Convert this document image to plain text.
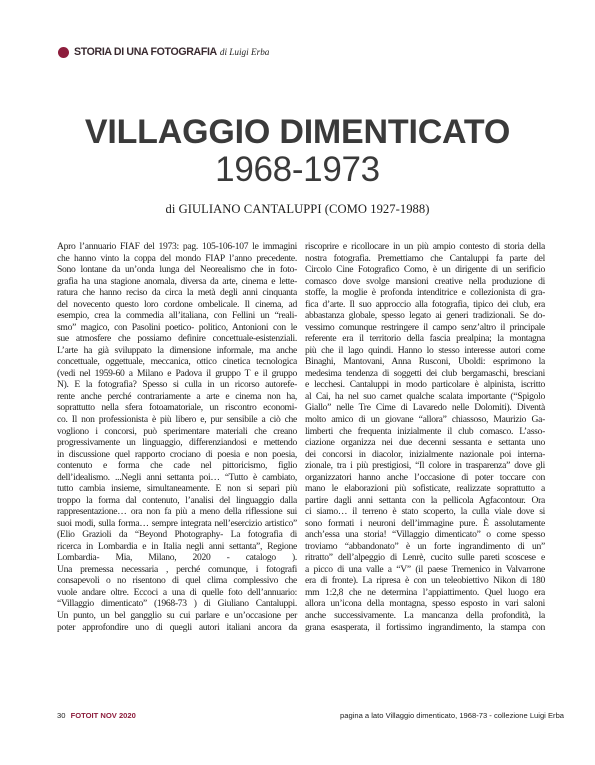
STORIA DI UNA FOTOGRAFIA di Luigi Erba
VILLAGGIO DIMENTICATO
1968-1973
di GIULIANO CANTALUPPI (COMO 1927-1988)
Apro l’annuario FIAF del 1973: pag. 105-106-107 le immagini
che hanno vinto la coppa del mondo FIAP l’anno precedente.
Sono lontane da un’onda lunga del Neorealismo che in foto-
grafia ha una stagione anomala, diversa da arte, cinema e lette-
ratura che hanno reciso da circa la metà degli anni cinquanta
del novecento questo loro cordone ombelicale. Il cinema, ad
esempio, crea la commedia all’italiana, con Fellini un “reali-
smo” magico, con Pasolini poetico- politico, Antonioni con le
sue atmosfere che possiamo definire concettuale-esistenziali.
L’arte ha già sviluppato la dimensione informale, ma anche
concettuale, oggettuale, meccanica, ottico cinetica tecnologica
(vedi nel 1959-60 a Milano e Padova il gruppo T e il gruppo
N). E la fotografia? Spesso si culla in un ricorso autorefe-
rente anche perché contrariamente a arte e cinema non ha,
soprattutto nella sfera fotoamatoriale, un riscontro economi-
co. Il non professionista è più libero e, pur sensibile a ciò che
vogliono i concorsi, può sperimentare materiali che creano
progressivamente un linguaggio, differenziandosi e mettendo
in discussione quel rapporto crociano di poesia e non poesia,
contenuto e forma che cade nel pittoricismo, figlio
dell’idealismo. ...Negli anni settanta poi… “Tutto è cambiato,
tutto cambia insieme, simultaneamente. E non si separì più
troppo la forma dal contenuto, l’analisi del linguaggio dalla
rappresentazione… ora non fa più a meno della riflessione sui
suoi modi, sulla forma… sempre integrata nell’esercizio artistico”
(Elio Grazioli da “Beyond Photography- La fotografia di
ricerca in Lombardia e in Italia negli anni settanta”, Regione
Lombardia- Mia, Milano, 2020 - catalogo ).
Una premessa necessaria , perché comunque, i fotografi
consapevoli o no risentono di quel clima complessivo che
vuole andare oltre. Eccoci a una di quelle foto dell’annuario:
“Villaggio dimenticato” (1968-73 ) di Giuliano Cantaluppi.
Un punto, un bel gangglio su cui parlare e un’occasione per
poter approfondire uno di quegli autori italiani ancora da
riscoprire e ricollocare in un più ampio contesto di storia della
nostra fotografia. Premettiamo che Cantaluppi fa parte del
Circolo Cine Fotografico Como, è un dirigente di un serificio
comasco dove svolge mansioni creative nella produzione di
stoffe, la moglie è profonda intenditrice e collezionista di gra-
fica d’arte. Il suo approccio alla fotografia, tipico dei club, era
abbastanza globale, spesso legato ai generi tradizionali. Se do-
vessimo comunque restringere il campo senz’altro il principale
referente era il territorio della fascia prealpina; la montagna
più che il lago quindi. Hanno lo stesso interesse autori come
Binaghi, Mantovani, Anna Rusconi, Uboldi: esprimono la
medesima tendenza di soggetti dei club bergamaschi, bresciani
e lecchesi. Cantaluppi in modo particolare è alpinista, iscritto
al Cai, ha nel suo carnet qualche scalata importante (“Spigolo
Giallo” nelle Tre Cime di Lavaredo nelle Dolomiti). Diventà
molto amico di un giovane “allora” chiassoso, Maurizio Ga-
limberti che frequenta inizialmente il club comasco. L’asso-
ciazione organizza nei due decenni sessanta e settanta uno
dei concorsi in diacolor, inizialmente nazionale poi interna-
zionale, tra i più prestigiosi, “Il colore in trasparenza” dove gli
organizzatori hanno anche l’occasione di poter toccare con
mano le elaborazioni più sofisticate, realizzate soprattutto a
partire dagli anni settanta con la pellicola Agfacontour. Ora
ci siamo… il terreno è stato scoperto, la culla viale dove si
sono formati i neuroni dell’immagine pure. È assolutamente
anch’essa una storia! “Villaggio dimenticato” o come spesso
troviamo “abbandonato” è un forte ingrandimento di un”
ritratto” dell’alpeggio di Lenrè, cucito sulle pareti scoscese e
a picco di una valle a “V” (il paese Tremenico in Valvarrone
era di fronte). La ripresa è con un teleobiettivo Nikon di 180
mm 1:2,8 che ne determina l’appiattimento. Quel luogo era
allora un’icona della montagna, spesso esposto in vari saloni
anche successivamente. La mancanza della profondità, la
grana esasperata, il fortissimo ingrandimento, la stampa con
30 FOTOIT NOV 2020	pagina a lato Villaggio dimenticato, 1968-73 - collezione Luigi Erba
